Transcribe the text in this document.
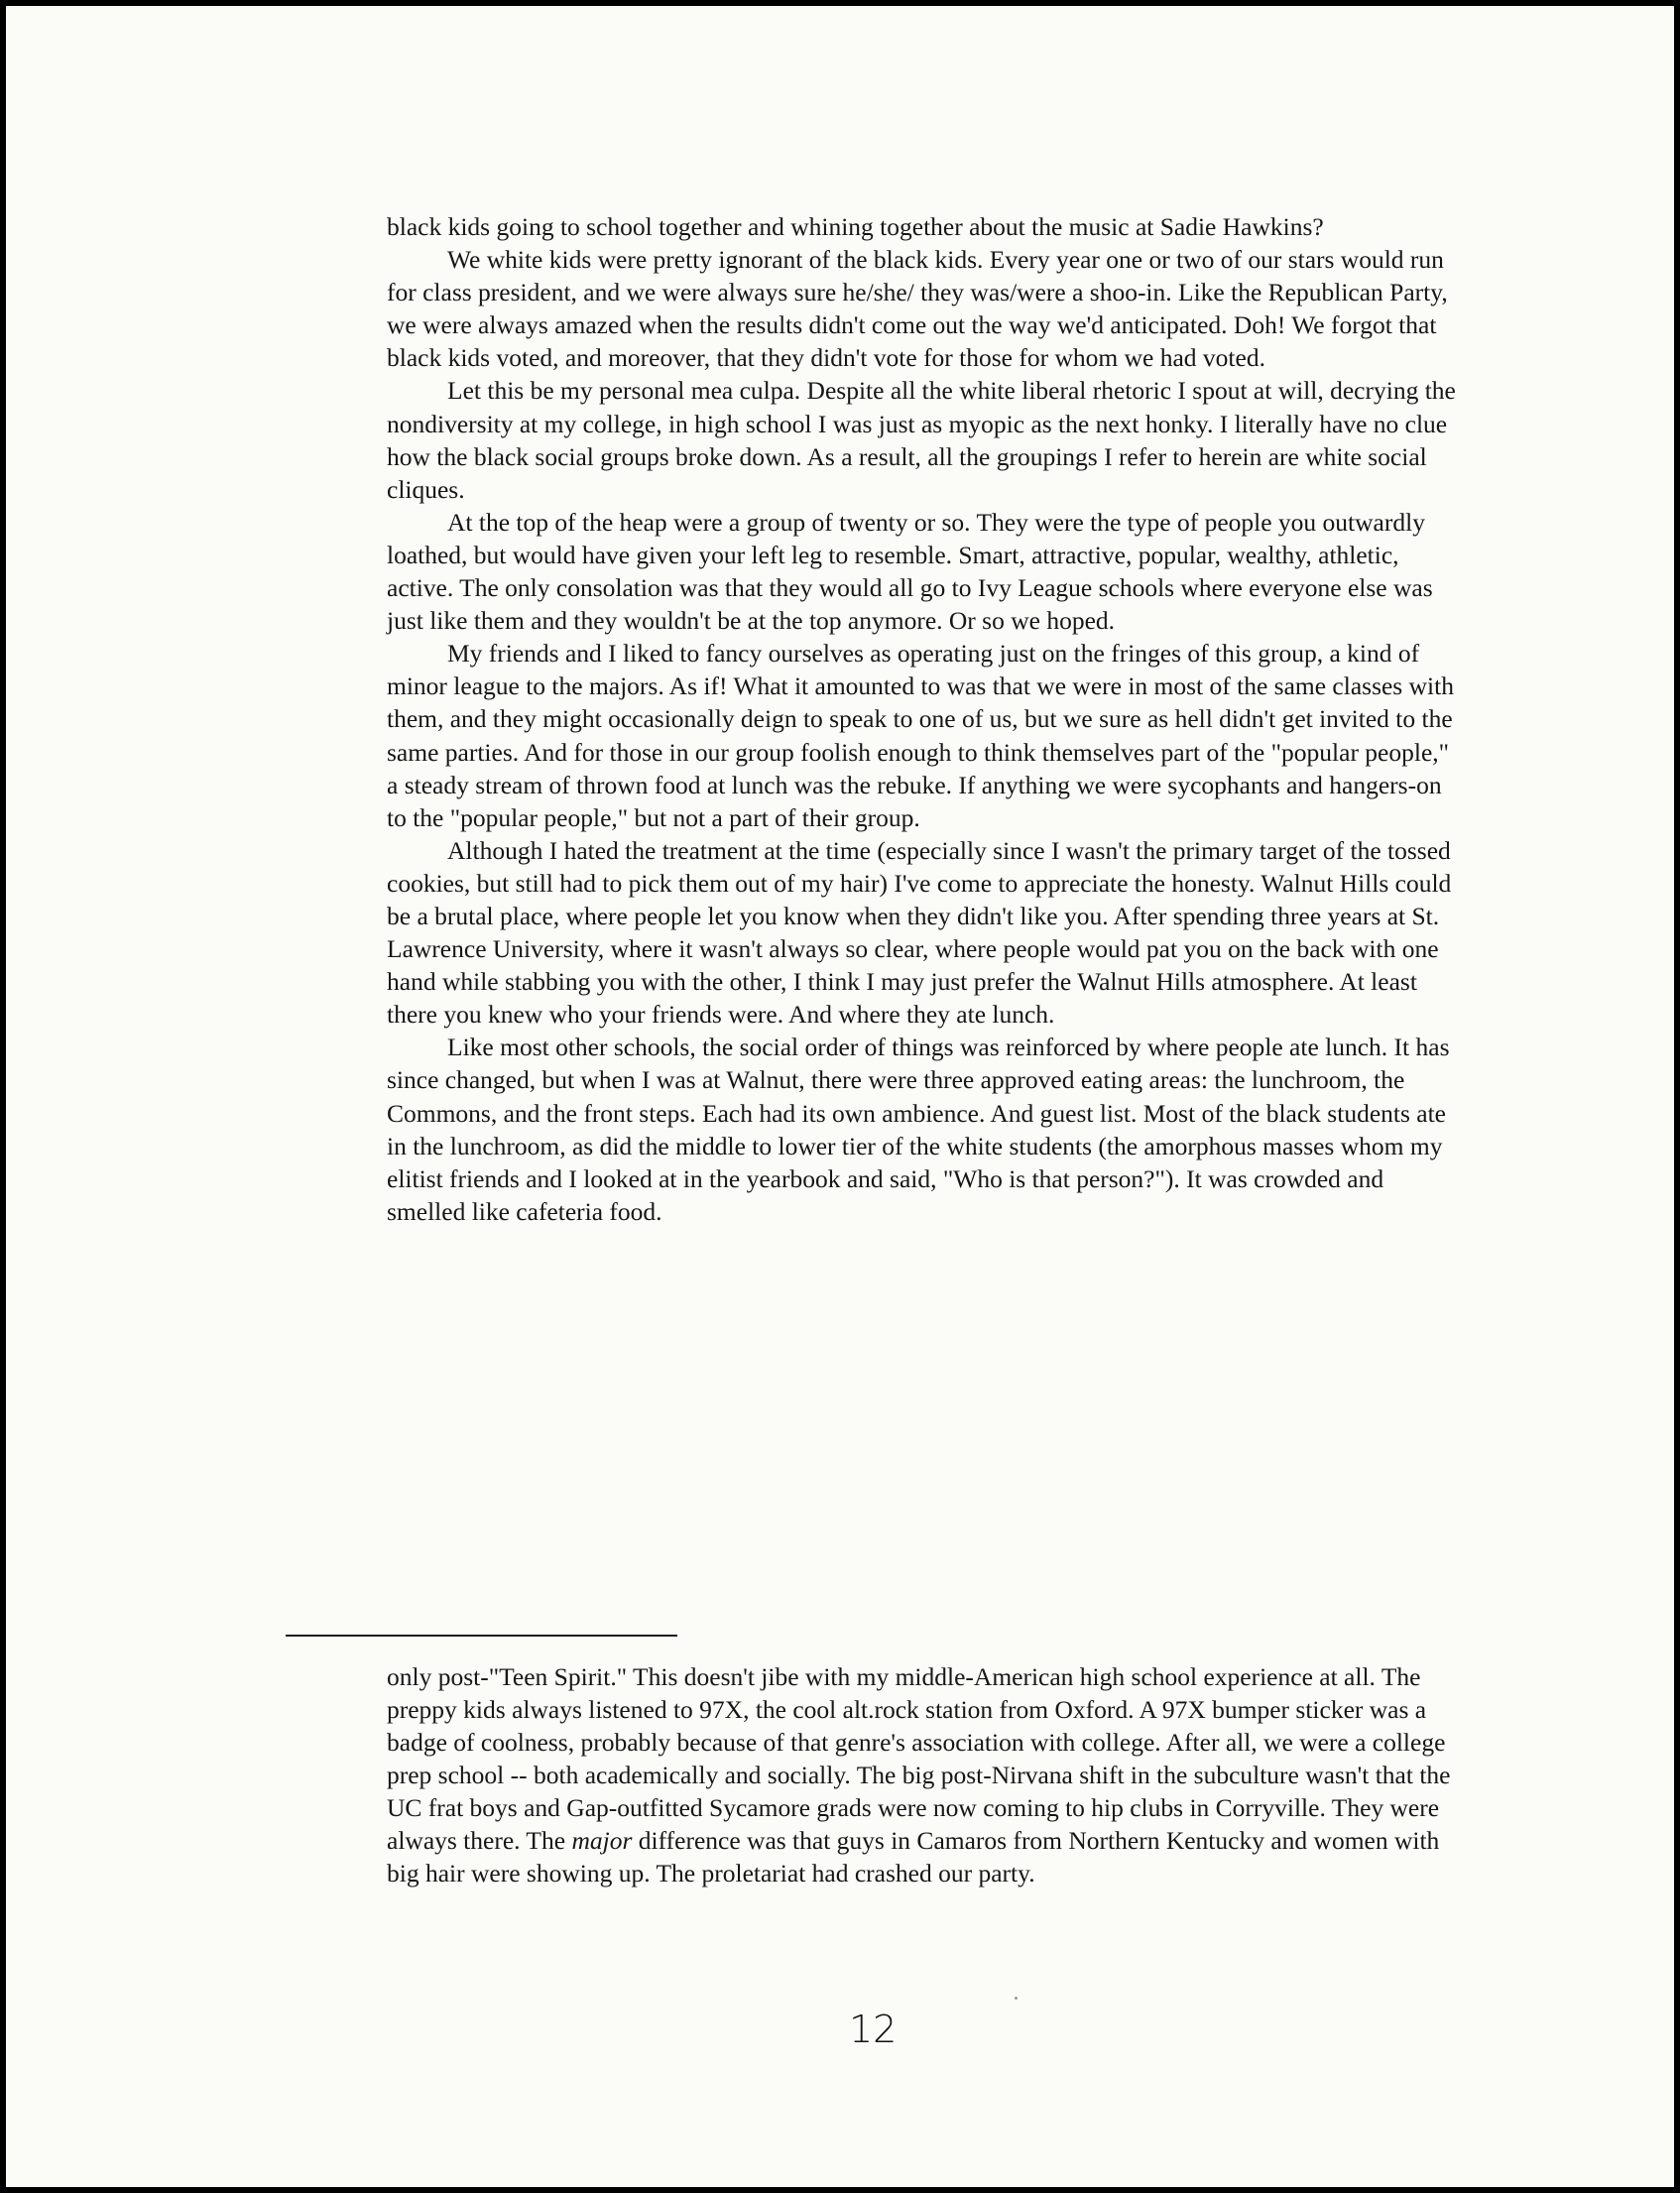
black kids going to school together and whining together about the music at Sadie Hawkins?

We white kids were pretty ignorant of the black kids. Every year one or two of our stars would run for class president, and we were always sure he/she/ they was/were a shoo-in. Like the Republican Party, we were always amazed when the results didn't come out the way we'd anticipated. Doh! We forgot that black kids voted, and moreover, that they didn't vote for those for whom we had voted.

Let this be my personal mea culpa. Despite all the white liberal rhetoric I spout at will, decrying the nondiversity at my college, in high school I was just as myopic as the next honky. I literally have no clue how the black social groups broke down. As a result, all the groupings I refer to herein are white social cliques.

At the top of the heap were a group of twenty or so. They were the type of people you outwardly loathed, but would have given your left leg to resemble. Smart, attractive, popular, wealthy, athletic, active. The only consolation was that they would all go to Ivy League schools where everyone else was just like them and they wouldn't be at the top anymore. Or so we hoped.

My friends and I liked to fancy ourselves as operating just on the fringes of this group, a kind of minor league to the majors. As if! What it amounted to was that we were in most of the same classes with them, and they might occasionally deign to speak to one of us, but we sure as hell didn't get invited to the same parties. And for those in our group foolish enough to think themselves part of the "popular people," a steady stream of thrown food at lunch was the rebuke. If anything we were sycophants and hangers-on to the "popular people," but not a part of their group.

Although I hated the treatment at the time (especially since I wasn't the primary target of the tossed cookies, but still had to pick them out of my hair) I've come to appreciate the honesty. Walnut Hills could be a brutal place, where people let you know when they didn't like you. After spending three years at St. Lawrence University, where it wasn't always so clear, where people would pat you on the back with one hand while stabbing you with the other, I think I may just prefer the Walnut Hills atmosphere. At least there you knew who your friends were. And where they ate lunch.

Like most other schools, the social order of things was reinforced by where people ate lunch. It has since changed, but when I was at Walnut, there were three approved eating areas: the lunchroom, the Commons, and the front steps. Each had its own ambience. And guest list. Most of the black students ate in the lunchroom, as did the middle to lower tier of the white students (the amorphous masses whom my elitist friends and I looked at in the yearbook and said, "Who is that person?"). It was crowded and smelled like cafeteria food.

only post-"Teen Spirit." This doesn't jibe with my middle-American high school experience at all. The preppy kids always listened to 97X, the cool alt.rock station from Oxford. A 97X bumper sticker was a badge of coolness, probably because of that genre's association with college. After all, we were a college prep school -- both academically and socially. The big post-Nirvana shift in the subculture wasn't that the UC frat boys and Gap-outfitted Sycamore grads were now coming to hip clubs in Corryville. They were always there. The major difference was that guys in Camaros from Northern Kentucky and women with big hair were showing up. The proletariat had crashed our party.

12
